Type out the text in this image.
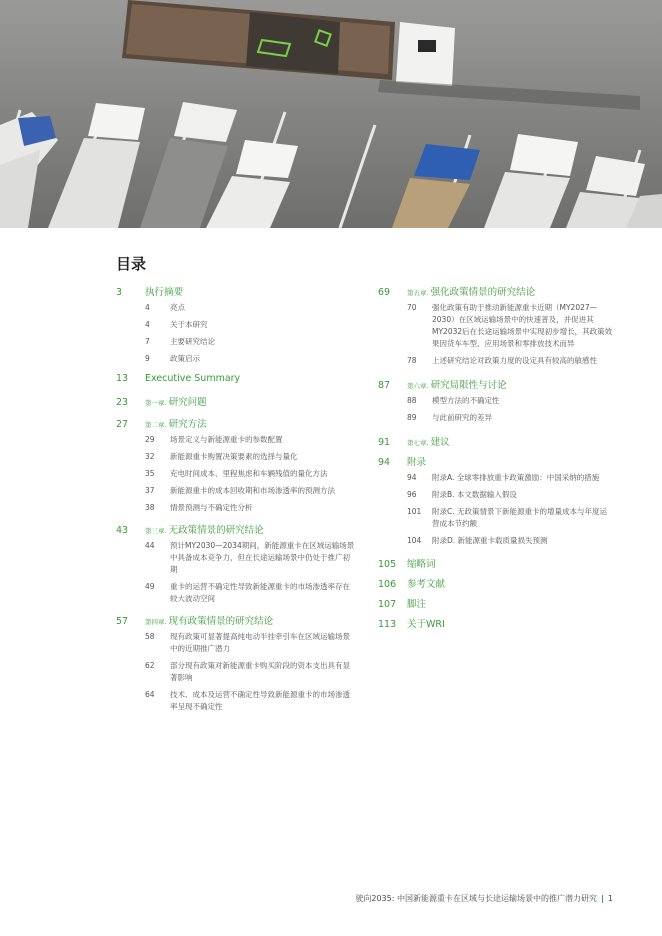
目录
3	执行摘要
4	亮点
4	关于本研究
7	主要研究结论
9	政策启示
13	Executive Summary
23	第一章. 研究问题
27	第二章. 研究方法
29	场景定义与新能源重卡的参数配置
32	新能源重卡购置决策要素的选择与量化
35	充电时间成本、里程焦虑和车辆残值的量化方法
37	新能源重卡的成本回收期和市场渗透率的预测方法
38	情景预测与不确定性分析
43	第三章. 无政策情景的研究结论
44	预计MY2030—2034期间，新能源重卡在区域运输场景中具备成本竞争力，但在长途运输场景中仍处于推广初期
49	重卡的运营不确定性导致新能源重卡的市场渗透率存在较大波动空间
57	第四章. 现有政策情景的研究结论
58	现有政策可显著提高纯电动半挂牵引车在区域运输场景中的近期推广潜力
62	部分现有政策对新能源重卡购买阶段的资本支出具有显著影响
64	技术、成本及运营不确定性导致新能源重卡的市场渗透率呈现不确定性
69	第五章. 强化政策情景的研究结论
70	强化政策有助于推动新能源重卡近期（MY2027—2030）在区域运输场景中的快速普及，并促进其MY2032后在长途运输场景中实现初步增长，其政策效果因货车车型、应用场景和零排放技术而异
78	上述研究结论对政策力度的设定具有较高的敏感性
87	第六章. 研究局限性与讨论
88	模型方法的不确定性
89	与此前研究的差异
91	第七章. 建议
94	附录
94	附录A. 全球零排放重卡政策激励：中国采纳的措施
96	附录B. 本文数据输入假设
101	附录C. 无政策情景下新能源重卡的增量成本与年度运营成本节约额
104	附录D. 新能源重卡载质量损失预测
105	缩略词
106	参考文献
107	脚注
113	关于WRI
驶向2035: 中国新能源重卡在区域与长途运输场景中的推广潜力研究 | 1
